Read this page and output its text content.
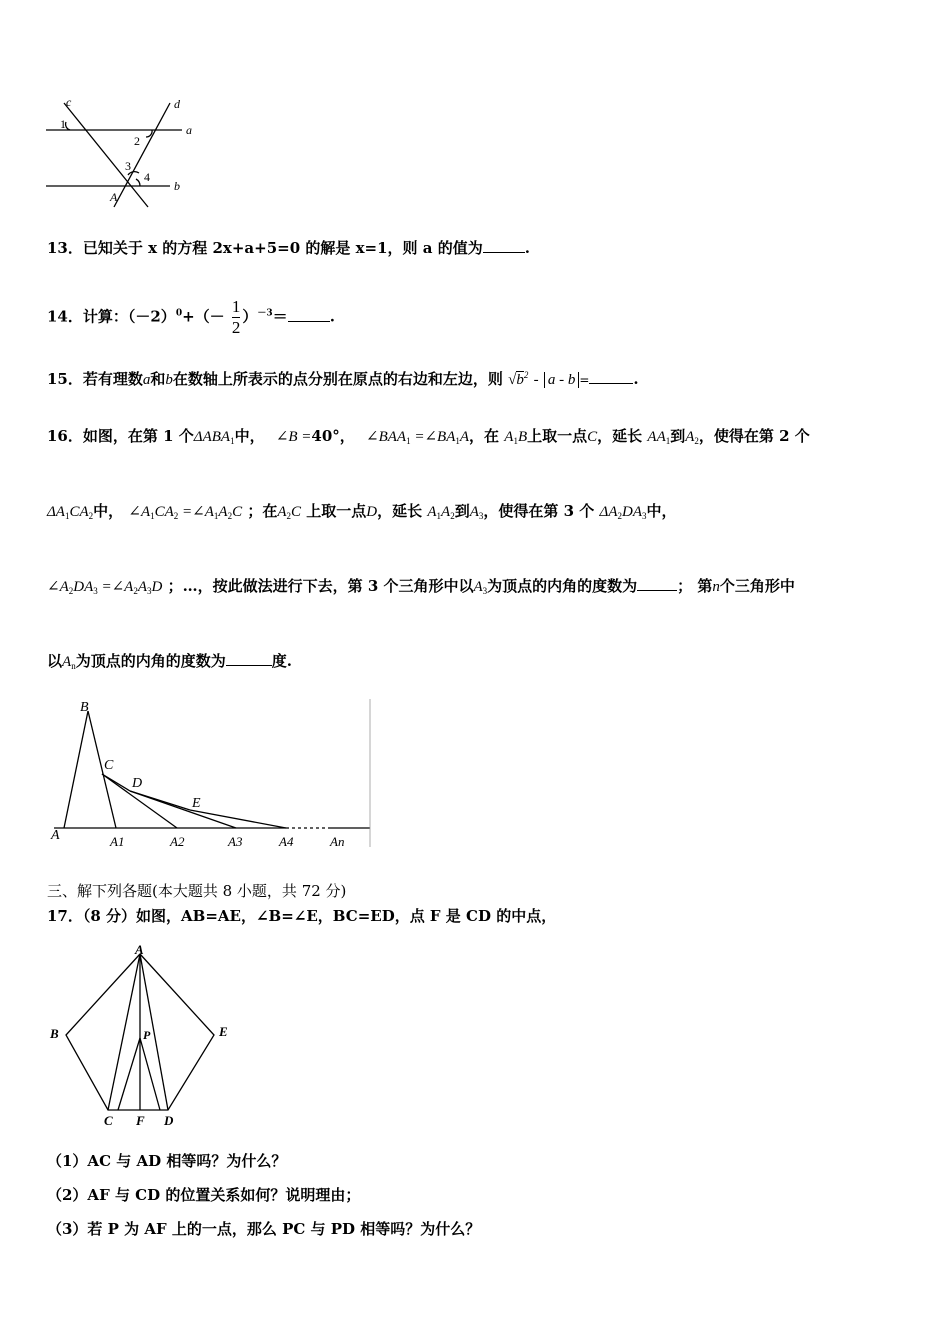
c	d
1	a
2
3
4
A
b
13．已知关于 x 的方程 2x+a+5=0 的解是 x=1，则 a 的值为	.
14．计算：$(-2)^0+(- \frac{1}{2} )^{-3}=$	.
15．若有理数a和b在数轴上所表示的点分别在原点的右边和左边，则 $√b^2$ - a - b =	.
16．如图，在第 1 个$\Delta ABA_1$中， ∠B =40°， $\angle BAA_1$ $=\angle BA_1A$，在 $A_1B$上取一点C，延长 $AA_1$到$A_2$，使得在第 2 个
$\Delta A_1CA_2$中， $\angle A_1CA_2$ $=\angle A_1A_2C$ ；在$A_2C$ 上取一点D，延长 $A_1A_2$到$A_3$，使得在第 3 个 $\Delta A_2DA_3$中，
$\angle A_2DA_3$ $=\angle A_2A_3D$ ；…，按此做法进行下去，第 3 个三角形中以$A_3$为顶点的内角的度数为	； 第n个三角形中
以$A_n$为顶点的内角的度数为	度.
B
C
D
E
A	A1	A2	A3	A4	An
三、解下列各题(本大题共 8 小题，共 72 分)
17．（8 分）如图，AB=AE，∠B=∠E，BC=ED，点 F 是 CD 的中点，
A
B	E
P
C F D
（1）AC 与 AD 相等吗？为什么？
（2）AF 与 CD 的位置关系如何？说明理由；
（3）若 P 为 AF 上的一点，那么 PC 与 PD 相等吗？为什么？
